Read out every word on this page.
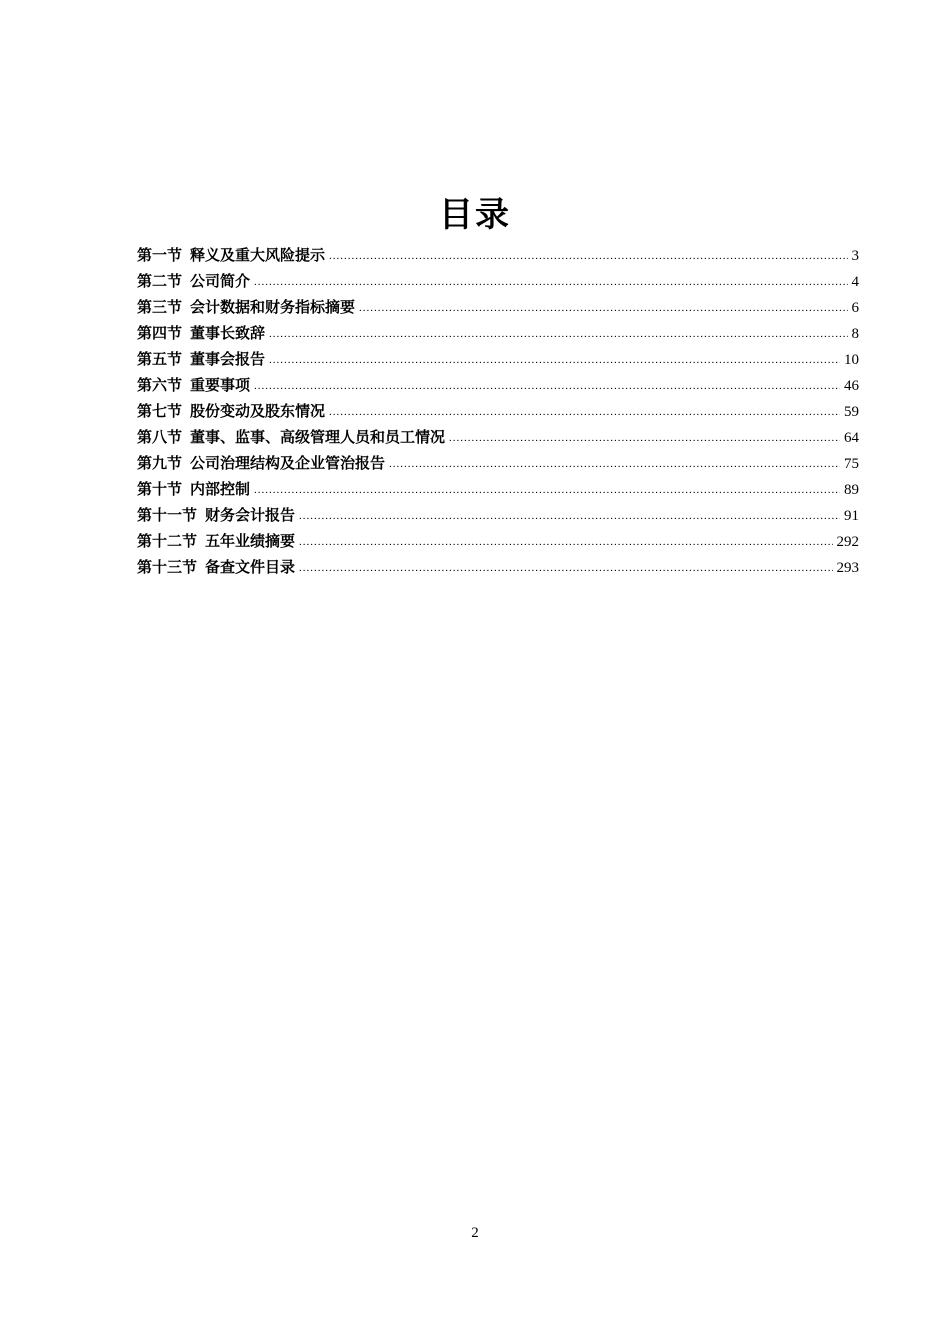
目录
第一节 释义及重大风险提示 .....	3
第二节 公司简介 .....	4
第三节 会计数据和财务指标摘要 .....	6
第四节 董事长致辞 .....	8
第五节 董事会报告 .....	10
第六节 重要事项 .....	46
第七节 股份变动及股东情况 .....	59
第八节 董事、监事、高级管理人员和员工情况 .....	64
第九节 公司治理结构及企业管治报告 .....	75
第十节 内部控制 .....	89
第十一节 财务会计报告 .....	91
第十二节 五年业绩摘要 .....	292
第十三节 备查文件目录 .....	293
2
